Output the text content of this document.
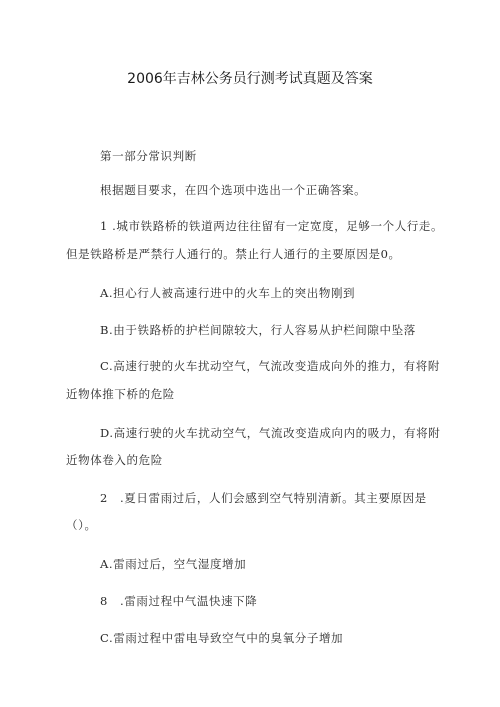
2006年吉林公务员行测考试真题及答案

第一部分常识判断

根据题目要求，在四个选项中选出一个正确答案。

1 .城市铁路桥的铁道两边往往留有一定宽度，足够一个人行走。

但是铁路桥是严禁行人通行的。禁止行人通行的主要原因是0。

A.担心行人被高速行进中的火车上的突出物刚到

B.由于铁路桥的护栏间隙较大，行人容易从护栏间隙中坠落

C.高速行驶的火车扰动空气，气流改变造成向外的推力，有将附

近物体推下桥的危险

D.高速行驶的火车扰动空气，气流改变造成向内的吸力，有将附

近物体卷入的危险

2　.夏日雷雨过后，人们会感到空气特别清新。其主要原因是

（）。

A.雷雨过后，空气湿度增加

8　.雷雨过程中气温快速下降

C.雷雨过程中雷电导致空气中的臭氧分子增加
